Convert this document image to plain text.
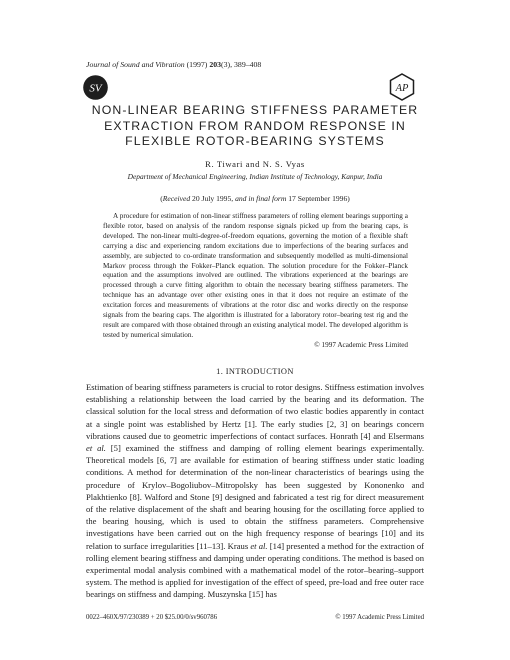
Journal of Sound and Vibration (1997) 203(3), 389–408
SV	AP
NON-LINEAR BEARING STIFFNESS PARAMETER
EXTRACTION FROM RANDOM RESPONSE IN
FLEXIBLE ROTOR-BEARING SYSTEMS
R. Tiwari and N. S. Vyas
Department of Mechanical Engineering, Indian Institute of Technology, Kanpur, India
(Received 20 July 1995, and in final form 17 September 1996)

A procedure for estimation of non-linear stiffness parameters of rolling element bearings supporting a flexible rotor, based on analysis of the random response signals picked up from the bearing caps, is developed. The non-linear multi-degree-of-freedom equations, governing the motion of a flexible shaft carrying a disc and experiencing random excitations due to imperfections of the bearing surfaces and assembly, are subjected to co-ordinate transformation and subsequently modelled as multi-dimensional Markov process through the Fokker–Planck equation. The solution procedure for the Fokker–Planck equation and the assumptions involved are outlined. The vibrations experienced at the bearings are processed through a curve fitting algorithm to obtain the necessary bearing stiffness parameters. The technique has an advantage over other existing ones in that it does not require an estimate of the excitation forces and measurements of vibrations at the rotor disc and works directly on the response signals from the bearing caps. The algorithm is illustrated for a laboratory rotor–bearing test rig and the result are compared with those obtained through an existing analytical model. The developed algorithm is tested by numerical simulation.

© 1997 Academic Press Limited
1. INTRODUCTION

Estimation of bearing stiffness parameters is crucial to rotor designs. Stiffness estimation involves establishing a relationship between the load carried by the bearing and its deformation. The classical solution for the local stress and deformation of two elastic bodies apparently in contact at a single point was established by Hertz [1]. The early studies [2, 3] on bearings concern vibrations caused due to geometric imperfections of contact surfaces. Honrath [4] and Elsermans et al. [5] examined the stiffness and damping of rolling element bearings experimentally. Theoretical models [6, 7] are available for estimation of bearing stiffness under static loading conditions. A method for determination of the non-linear characteristics of bearings using the procedure of Krylov–Bogoliubov–Mitropolsky has been suggested by Kononenko and Plakhtienko [8]. Walford and Stone [9] designed and fabricated a test rig for direct measurement of the relative displacement of the shaft and bearing housing for the oscillating force applied to the bearing housing, which is used to obtain the stiffness parameters. Comprehensive investigations have been carried out on the high frequency response of bearings [10] and its relation to surface irregularities [11–13]. Kraus et al. [14] presented a method for the extraction of rolling element bearing stiffness and damping under operating conditions. The method is based on experimental modal analysis combined with a mathematical model of the rotor–bearing–support system. The method is applied for investigation of the effect of speed, pre-load and free outer race bearings on stiffness and damping. Muszynska [15] has

0022–460X/97/230389 + 20 $25.00/0/sv960786	© 1997 Academic Press Limited
